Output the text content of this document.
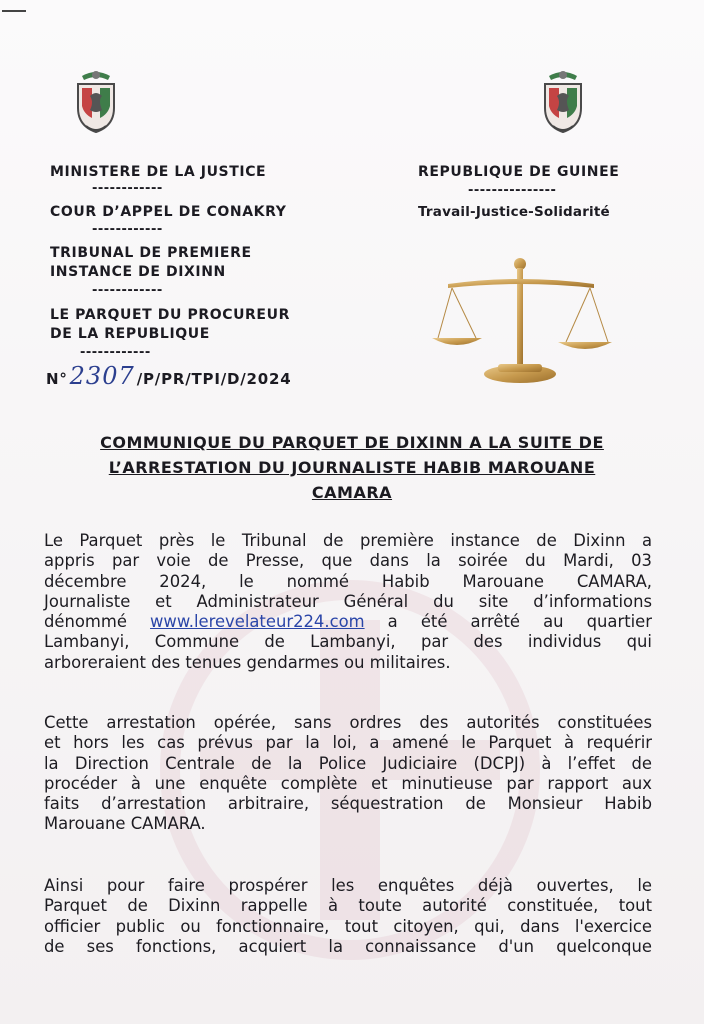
MINISTERE DE LA JUSTICE
------------
COUR D’APPEL DE CONAKRY
------------
TRIBUNAL DE PREMIERE
INSTANCE DE DIXINN
------------
LE PARQUET DU PROCUREUR
DE LA REPUBLIQUE
------------
N°2307 /P/PR/TPI/D/2024
REPUBLIQUE DE GUINEE
---------------
Travail-Justice-Solidarité
COMMUNIQUE DU PARQUET DE DIXINN A LA SUITE DE
L’ARRESTATION DU JOURNALISTE HABIB MAROUANE
CAMARA
Le Parquet près le Tribunal de première instance de Dixinn a
appris par voie de Presse, que dans la soirée du Mardi, 03
décembre 2024, le nommé Habib Marouane CAMARA,
Journaliste et Administrateur Général du site d’informations
dénommé www.lerevelateur224.com a été arrêté au quartier
Lambanyi, Commune de Lambanyi, par des individus qui
arboreraient des tenues gendarmes ou militaires.
Cette arrestation opérée, sans ordres des autorités constituées
et hors les cas prévus par la loi, a amené le Parquet à requérir
la Direction Centrale de la Police Judiciaire (DCPJ) à l’effet de
procéder à une enquête complète et minutieuse par rapport aux
faits d’arrestation arbitraire, séquestration de Monsieur Habib
Marouane CAMARA.
Ainsi pour faire prospérer les enquêtes déjà ouvertes, le
Parquet de Dixinn rappelle à toute autorité constituée, tout
officier public ou fonctionnaire, tout citoyen, qui, dans l'exercice
de ses fonctions, acquiert la connaissance d'un quelconque
